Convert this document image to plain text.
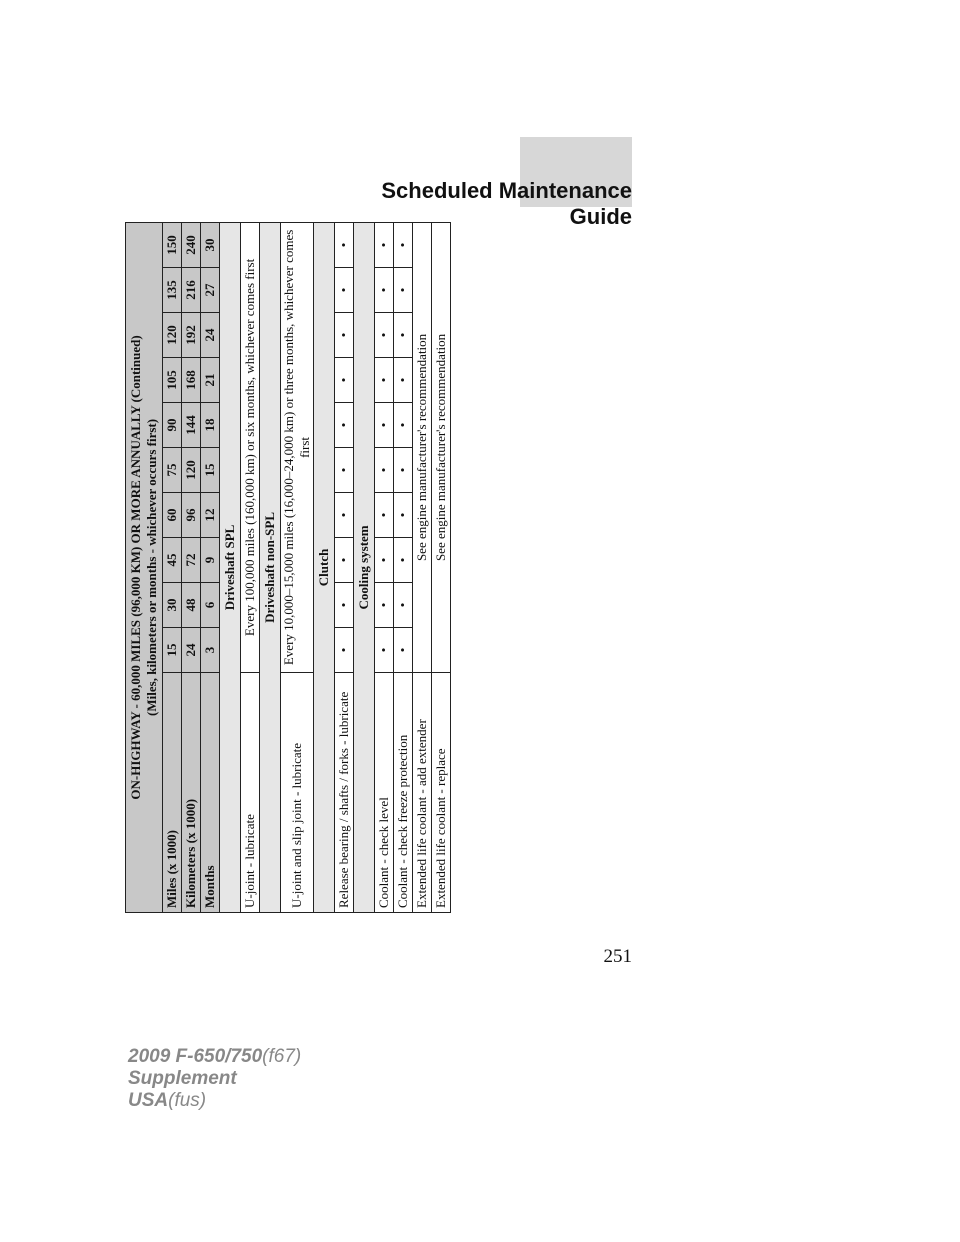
Scheduled Maintenance Guide
ON-HIGHWAY - 60,000 MILES (96,000 KM) OR MORE ANNUALLY (Continued) (Miles, kilometers or months - whichever occurs first)										

Miles (x 1000)	15	30	45	60	75	90	105	120	135	150
Kilometers (x 1000)	24	48	72	96	120	144	168	192	216	240
Months	3	6	9	12	15	18	21	24	27	30
Driveshaft SPL										
U-joint - lubricate	Every 100,000 miles (160,000 km) or six months, whichever comes first									
Driveshaft non-SPL										
U-joint and slip joint - lubricate	Every 10,000–15,000 miles (16,000–24,000 km) or three months, whichever comes first									
Clutch										
Release bearing / shafts / forks - lubricate	•	•	•	•	•	•	•	•	•	•
Cooling system										
Coolant - check level	•	•	•	•	•	•	•	•	•	•
Coolant - check freeze protection	•	•	•	•	•	•	•	•	•	•
Extended life coolant - add extender	See engine manufacturer's recommendation									
Extended life coolant - replace	See engine manufacturer's recommendation									
251
2009 F-650/750(f67)
Supplement
USA(fus)
